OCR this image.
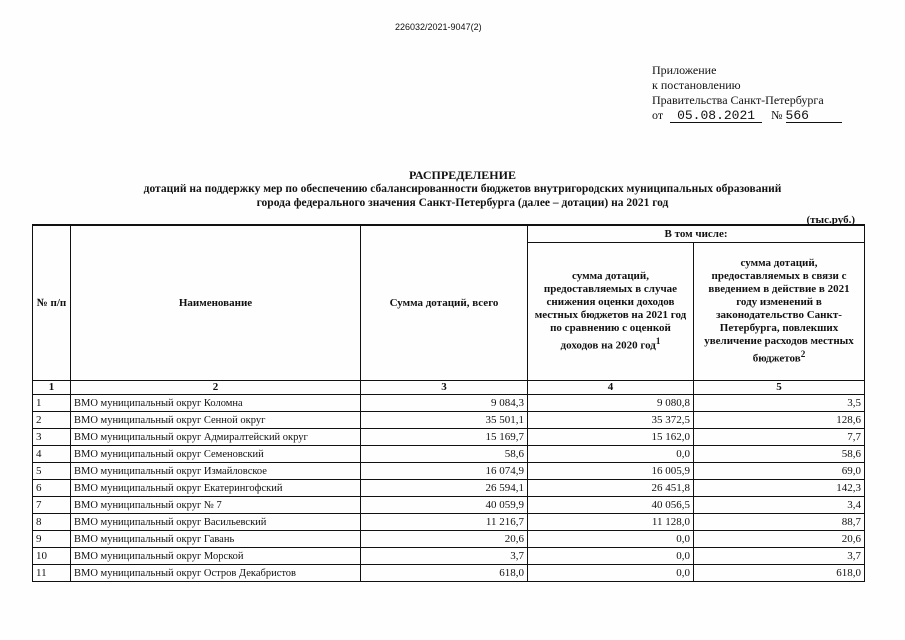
226032/2021-9047(2)
Приложение
к постановлению
Правительства Санкт-Петербурга
от 05.08.2021 № 566
РАСПРЕДЕЛЕНИЕ
дотаций на поддержку мер по обеспечению сбалансированности бюджетов внутригородских муниципальных образований
города федерального значения Санкт-Петербурга (далее – дотации) на 2021 год
(тыс.руб.)
№ п/п	Наименование	Сумма дотаций, всего	В том числе:	
			сумма дотаций, предоставляемых в случае снижения оценки доходов местных бюджетов на 2021 год по сравнению с оценкой доходов на 2020 год$^1$	сумма дотаций, предоставляемых в связи с введением в действие в 2021 году изменений в законодательство Санкт-Петербурга, повлекших увеличение расходов местных бюджетов$^2$
1	2	3	4	5
1	ВМО муниципальный округ Коломна	9 084,3	9 080,8	3,5
2	ВМО муниципальный округ Сенной округ	35 501,1	35 372,5	128,6
3	ВМО муниципальный округ Адмиралтейский округ	15 169,7	15 162,0	7,7
4	ВМО муниципальный округ Семеновский	58,6	0,0	58,6
5	ВМО муниципальный округ Измайловское	16 074,9	16 005,9	69,0
6	ВМО муниципальный округ Екатерингофский	26 594,1	26 451,8	142,3
7	ВМО муниципальный округ № 7	40 059,9	40 056,5	3,4
8	ВМО муниципальный округ Васильевский	11 216,7	11 128,0	88,7
9	ВМО муниципальный округ Гавань	20,6	0,0	20,6
10	ВМО муниципальный округ Морской	3,7	0,0	3,7
11	ВМО муниципальный округ Остров Декабристов	618,0	0,0	618,0
